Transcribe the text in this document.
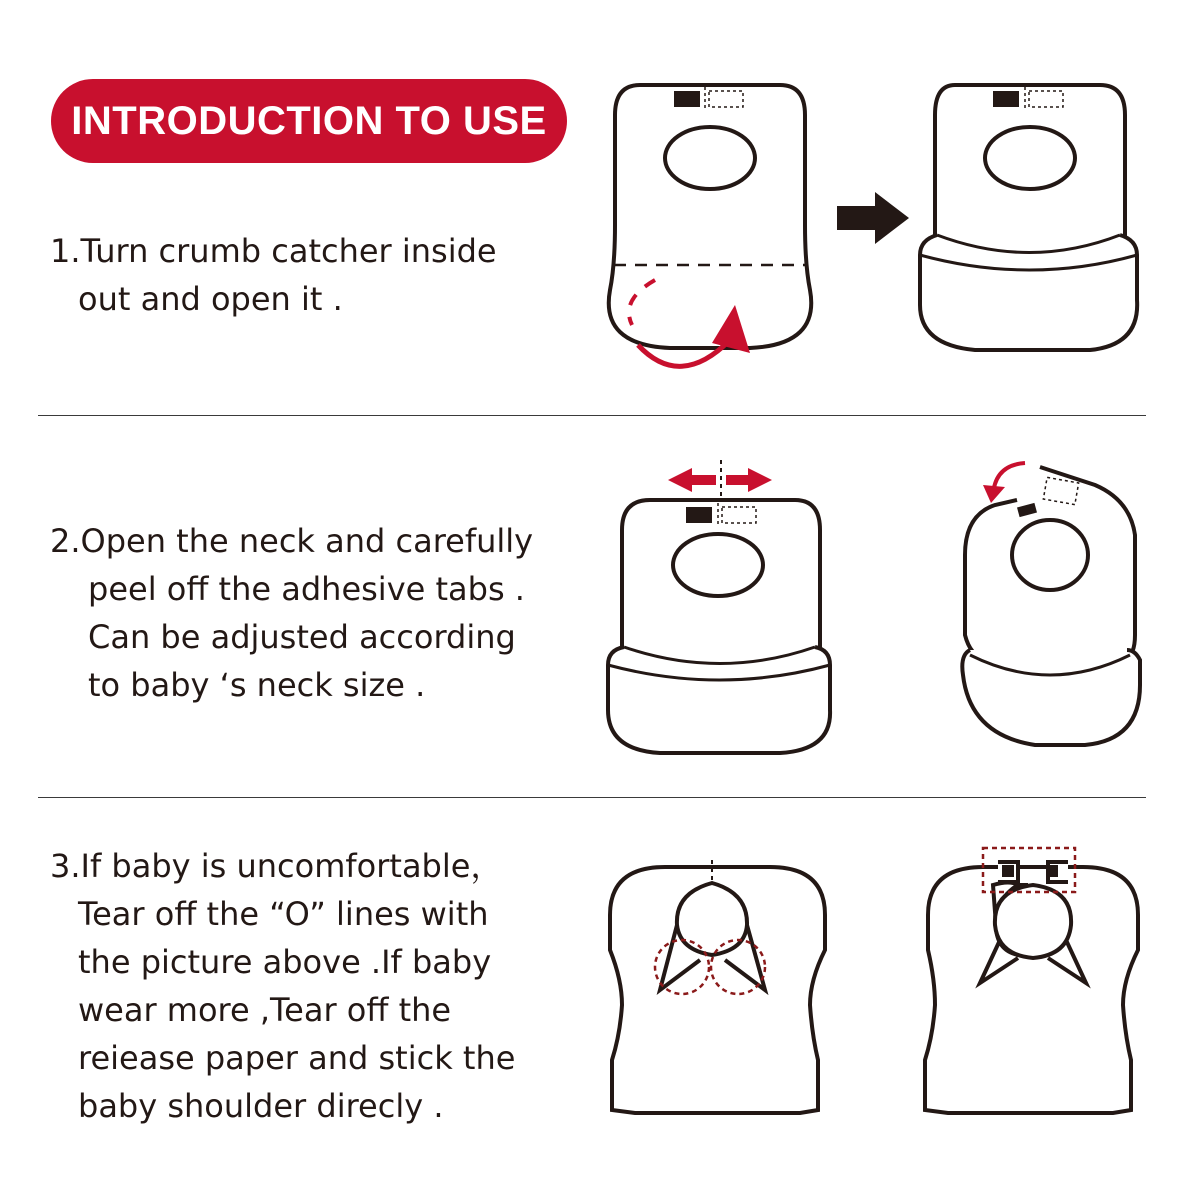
INTRODUCTION TO USE
1.Turn crumb catcher inside
out and open it .
2.Open the neck and carefully
peel off the adhesive tabs .
Can be adjusted according
to baby ‘s neck size .
3.If baby is uncomfortable，
Tear off the “O” lines with
the picture above .If baby
wear more ,Tear off the
reiease paper and stick the
baby shoulder direcly .
